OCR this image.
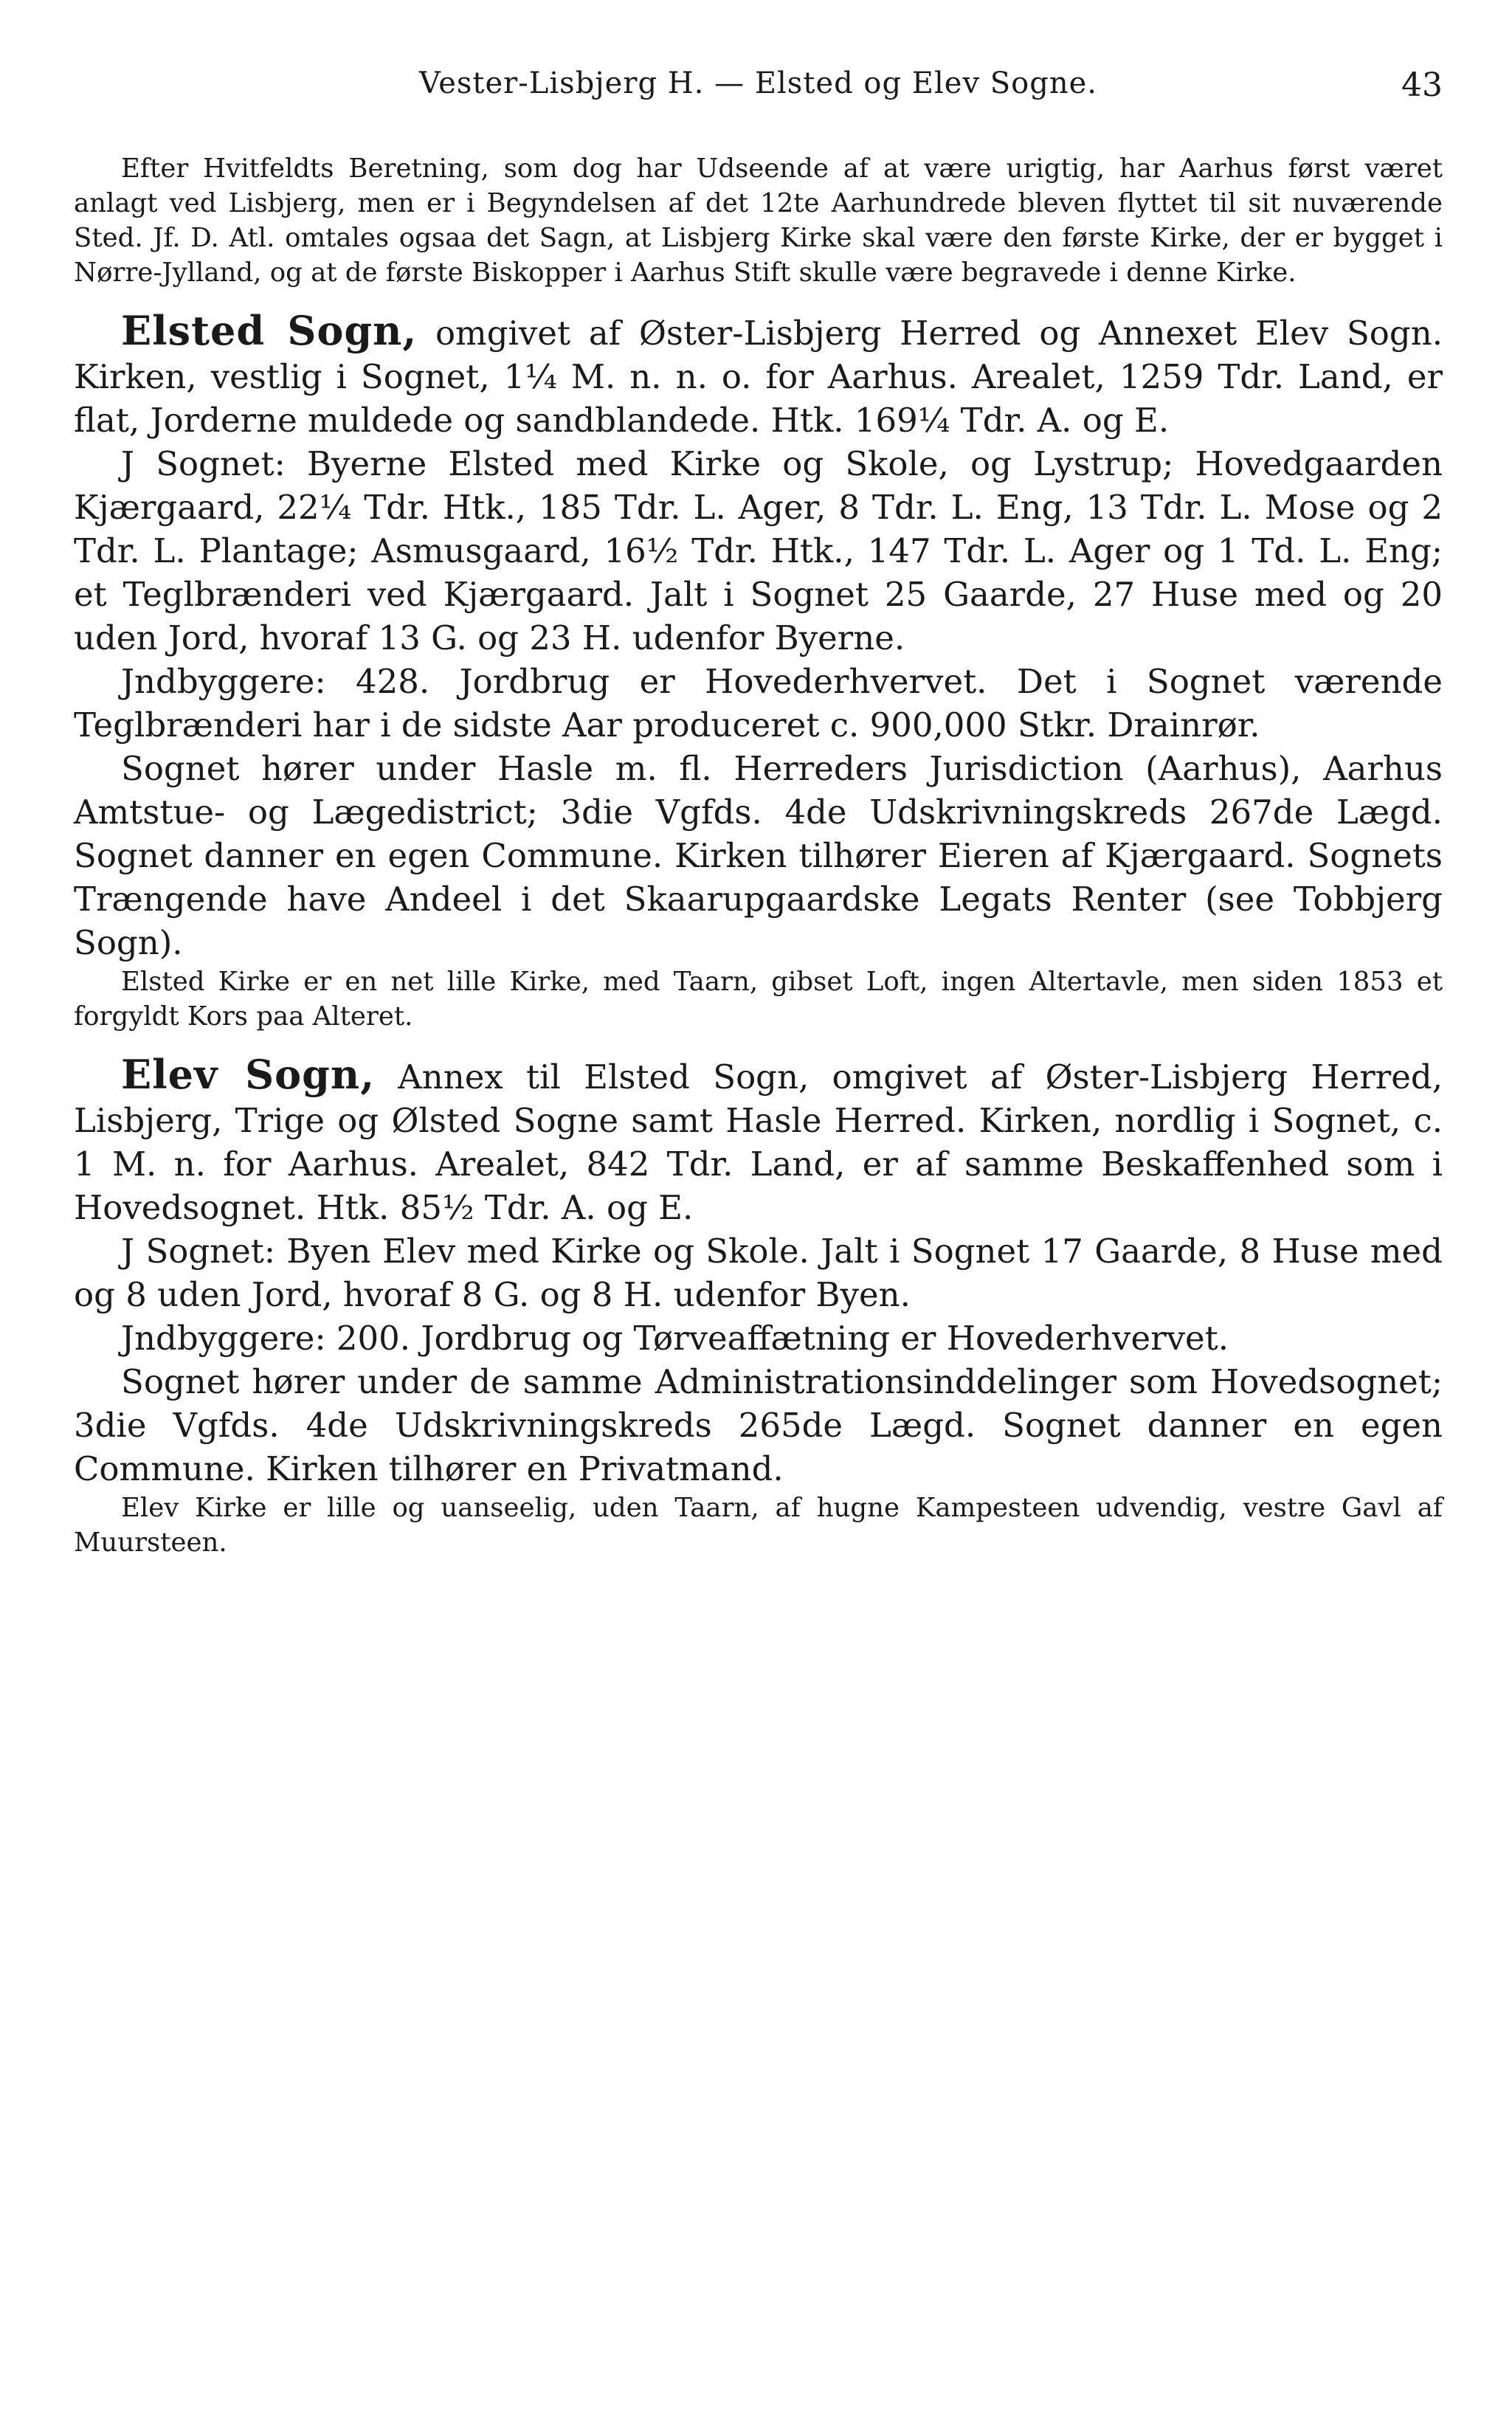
Vester-Lisbjerg H. — Elsted og Elev Sogne.	43

Efter Hvitfeldts Beretning, som dog har Udseende af at være urigtig, har Aarhus først været anlagt ved Lisbjerg, men er i Begyndelsen af det 12te Aarhundrede bleven flyttet til sit nuværende Sted. Jf. D. Atl. omtales ogsaa det Sagn, at Lisbjerg Kirke skal være den første Kirke, der er bygget i Nørre-Jylland, og at de første Biskopper i Aarhus Stift skulle være begravede i denne Kirke.

Elsted Sogn, omgivet af Øster-Lisbjerg Herred og Annexet Elev Sogn. Kirken, vestlig i Sognet, 1¼ M. n. n. o. for Aarhus. Arealet, 1259 Tdr. Land, er flat, Jorderne muldede og sandblandede. Htk. 169¼ Tdr. A. og E.

J Sognet: Byerne Elsted med Kirke og Skole, og Lystrup; Hovedgaarden Kjærgaard, 22¼ Tdr. Htk., 185 Tdr. L. Ager, 8 Tdr. L. Eng, 13 Tdr. L. Mose og 2 Tdr. L. Plantage; Asmusgaard, 16½ Tdr. Htk., 147 Tdr. L. Ager og 1 Td. L. Eng; et Teglbrænderi ved Kjærgaard. Jalt i Sognet 25 Gaarde, 27 Huse med og 20 uden Jord, hvoraf 13 G. og 23 H. udenfor Byerne.

Jndbyggere: 428. Jordbrug er Hovederhvervet. Det i Sognet værende Teglbrænderi har i de sidste Aar produceret c. 900,000 Stkr. Drainrør.

Sognet hører under Hasle m. fl. Herreders Jurisdiction (Aarhus), Aarhus Amtstue- og Lægedistrict; 3die Vgfds. 4de Udskrivningskreds 267de Lægd. Sognet danner en egen Commune. Kirken tilhører Eieren af Kjærgaard. Sognets Trængende have Andeel i det Skaarupgaardske Legats Renter (see Tobbjerg Sogn).

Elsted Kirke er en net lille Kirke, med Taarn, gibset Loft, ingen Altertavle, men siden 1853 et forgyldt Kors paa Alteret.

Elev Sogn, Annex til Elsted Sogn, omgivet af Øster-Lisbjerg Herred, Lisbjerg, Trige og Ølsted Sogne samt Hasle Herred. Kirken, nordlig i Sognet, c. 1 M. n. for Aarhus. Arealet, 842 Tdr. Land, er af samme Beskaffenhed som i Hovedsognet. Htk. 85½ Tdr. A. og E.

J Sognet: Byen Elev med Kirke og Skole. Jalt i Sognet 17 Gaarde, 8 Huse med og 8 uden Jord, hvoraf 8 G. og 8 H. udenfor Byen.

Jndbyggere: 200. Jordbrug og Tørveaffætning er Hovederhvervet.

Sognet hører under de samme Administrationsinddelinger som Hovedsognet; 3die Vgfds. 4de Udskrivningskreds 265de Lægd. Sognet danner en egen Commune. Kirken tilhører en Privatmand.

Elev Kirke er lille og uanseelig, uden Taarn, af hugne Kampesteen udvendig, vestre Gavl af Muursteen.
